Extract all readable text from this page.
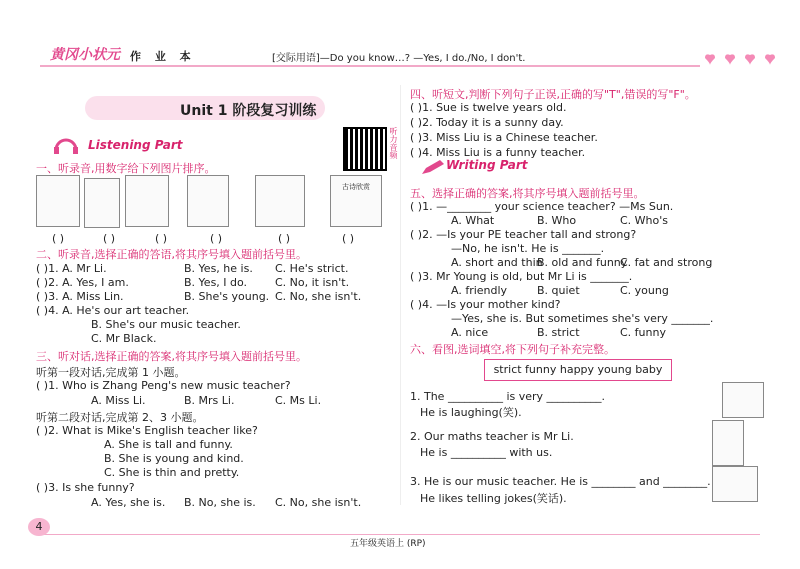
黄冈小状元 作 业 本	[交际用语]—Do you know…? —Yes, I do./No, I don't.
Unit 1 阶段复习训练
Listening Part	听力音频
一、听录音,用数字给下列图片排序。
古诗欣赏
( )	( )	( )	( )	( )	( )
二、听录音,选择正确的答语,将其序号填入题前括号里。
( )1. A. Mr Li.	B. Yes, he is. C. He's strict.
( )2. A. Yes, I am.	B. Yes, I do.	C. No, it isn't.
( )3. A. Miss Lin.	B. She's young. C. No, she isn't.
( )4. A. He's our art teacher.
B. She's our music teacher.
C. Mr Black.
三、听对话,选择正确的答案,将其序号填入题前括号里。
听第一段对话,完成第 1 小题。
( )1. Who is Zhang Peng's new music teacher?
A. Miss Li.	B. Mrs Li.	C. Ms Li.
听第二段对话,完成第 2、3 小题。
( )2. What is Mike's English teacher like?
A. She is tall and funny.
B. She is young and kind.
C. She is thin and pretty.
( )3. Is she funny?
A. Yes, she is. B. No, she is. C. No, she isn't.
四、听短文,判断下列句子正误,正确的写"T",错误的写"F"。
( )1. Sue is twelve years old.
( )2. Today it is a sunny day.
( )3. Miss Liu is a Chinese teacher.
( )4. Miss Liu is a funny teacher.
Writing Part
五、选择正确的答案,将其序号填入题前括号里。
( )1. —________ your science teacher? —Ms Sun.
A. What	B. Who	C. Who's
( )2. —Is your PE teacher tall and strong?
—No, he isn't. He is _______.
A. short and thin
B. old and funny
C. fat and strong
( )3. Mr Young is old, but Mr Li is _______.
A. friendly	B. quiet	C. young
( )4. —Is your mother kind?
—Yes, she is. But sometimes she's very _______.
A. nice	B. strict	C. funny
六、看图,选词填空,将下列句子补充完整。
strict funny happy young baby
1. The __________ is very __________.
He is laughing(笑).
2. Our maths teacher is Mr Li.
He is __________ with us.
3. He is our music teacher. He is ________ and ________.
He likes telling jokes(笑话).
4
五年级英语上 (RP)
